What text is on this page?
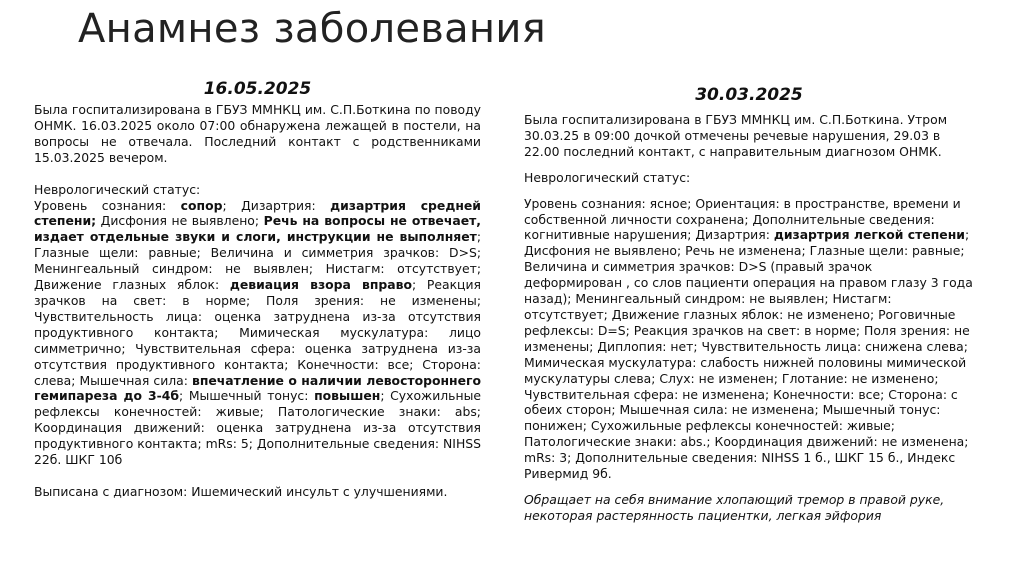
Анамнез заболевания
16.05.2025

Была госпитализирована в ГБУЗ ММНКЦ им. С.П.Боткина по поводу ОНМК. 16.03.2025 около 07:00 обнаружена лежащей в постели, на вопросы не отвечала. Последний контакт с родственниками 15.03.2025 вечером.

Неврологический статус:

Уровень сознания: сопор; Дизартрия: дизартрия средней степени; Дисфония не выявлено; Речь на вопросы не отвечает, издает отдельные звуки и слоги, инструкции не выполняет; Глазные щели: равные; Величина и симметрия зрачков: D>S; Менингеальный синдром: не выявлен; Нистагм: отсутствует; Движение глазных яблок: девиация взора вправо; Реакция зрачков на свет: в норме; Поля зрения: не изменены; Чувствительность лица: оценка затруднена из-за отсутствия продуктивного контакта; Мимическая мускулатура: лицо симметрично; Чувствительная сфера: оценка затруднена из-за отсутствия продуктивного контакта; Конечности: все; Сторона: слева; Мышечная сила: впечатление о наличии левостороннего гемипареза до 3-4б; Мышечный тонус: повышен; Сухожильные рефлексы конечностей: живые; Патологические знаки: abs; Координация движений: оценка затруднена из-за отсутствия продуктивного контакта; mRs: 5; Дополнительные сведения: NIHSS 22б. ШКГ 10б

Выписана с диагнозом: Ишемический инсульт с улучшениями.

30.03.2025

Была госпитализирована в ГБУЗ ММНКЦ им. С.П.Боткина. Утром 30.03.25 в 09:00 дочкой отмечены речевые нарушения, 29.03 в 22.00 последний контакт, с направительным диагнозом ОНМК.

Неврологический статус:

Уровень сознания: ясное; Ориентация: в пространстве, времени и собственной личности сохранена; Дополнительные сведения: когнитивные нарушения; Дизартрия: дизартрия легкой степени; Дисфония не выявлено; Речь не изменена; Глазные щели: равные; Величина и симметрия зрачков: D>S (правый зрачок деформирован , со слов пациенти операция на правом глазу 3 года назад); Менингеальный синдром: не выявлен; Нистагм: отсутствует; Движение глазных яблок: не изменено; Роговичные рефлексы: D=S; Реакция зрачков на свет: в норме; Поля зрения: не изменены; Диплопия: нет; Чувствительность лица: снижена слева; Мимическая мускулатура: слабость нижней половины мимической мускулатуры слева; Слух: не изменен; Глотание: не изменено; Чувствительная сфера: не изменена; Конечности: все; Сторона: с обеих сторон; Мышечная сила: не изменена; Мышечный тонус: понижен; Сухожильные рефлексы конечностей: живые; Патологические знаки: abs.; Координация движений: не изменена; mRs: 3; Дополнительные сведения: NIHSS 1 б., ШКГ 15 б., Индекс Ривермид 9б.

Обращает на себя внимание хлопающий тремор в правой руке, некоторая растерянность пациентки, легкая эйфория
